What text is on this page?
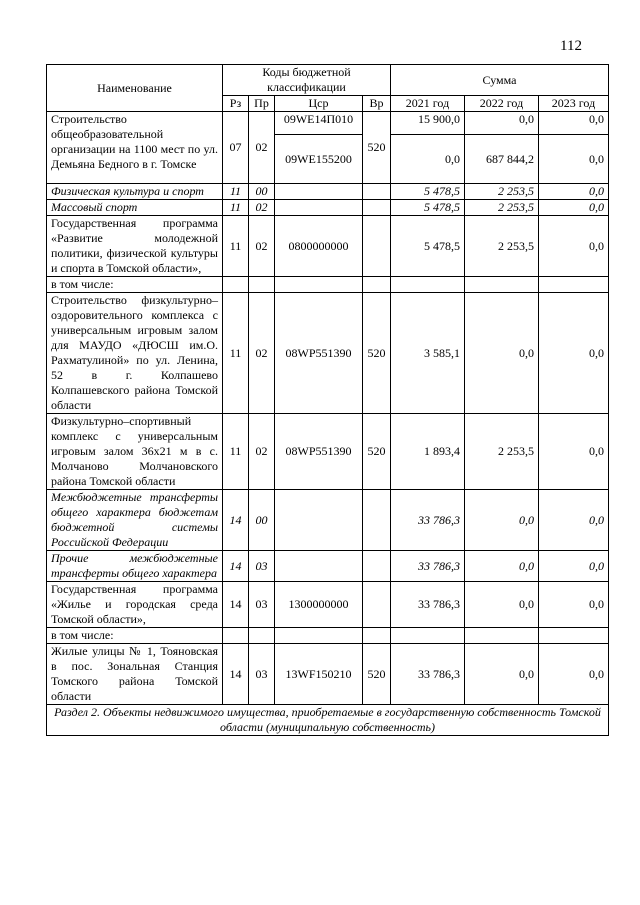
112
Наименование	Коды бюджетной классификации				Сумма		
	Рз	Пр	Цср	Вр	2021 год	2022 год	2023 год
Строительство общеобразовательной организации на 1100 мест по ул. Демьяна Бедного в г. Томске	07	02	09WE14П010	520	15 900,0	0,0	0,0
			09WE155200		0,0	687 844,2	0,0
Физическая культура и спорт	11	00			5 478,5	2 253,5	0,0
Массовый спорт	11	02			5 478,5	2 253,5	0,0
Государственная программа «Развитие молодежной политики, физической культуры и спорта в Томской области»,	11	02	0800000000		5 478,5	2 253,5	0,0
в том числе:							
Строительство физкультурно–оздоровительного комплекса с универсальным игровым залом для МАУДО «ДЮСШ им.О. Рахматулиной» по ул. Ленина, 52 в г. Колпашево Колпашевского района Томской области	11	02	08WP551390	520	3 585,1	0,0	0,0
Физкультурно–спортивный комплекс с универсальным игровым залом 36х21 м в с. Молчаново Молчановского района Томской области	11	02	08WP551390	520	1 893,4	2 253,5	0,0
Межбюджетные трансферты общего характера бюджетам бюджетной системы Российской Федерации	14	00			33 786,3	0,0	0,0
Прочие межбюджетные трансферты общего характера	14	03			33 786,3	0,0	0,0
Государственная программа «Жилье и городская среда Томской области»,	14	03	1300000000		33 786,3	0,0	0,0
в том числе:							
Жилые улицы № 1, Тояновская в пос. Зональная Станция Томского района Томской области	14	03	13WF150210	520	33 786,3	0,0	0,0
Раздел 2. Объекты недвижимого имущества, приобретаемые в государственную собственность Томской области (муниципальную собственность)							
